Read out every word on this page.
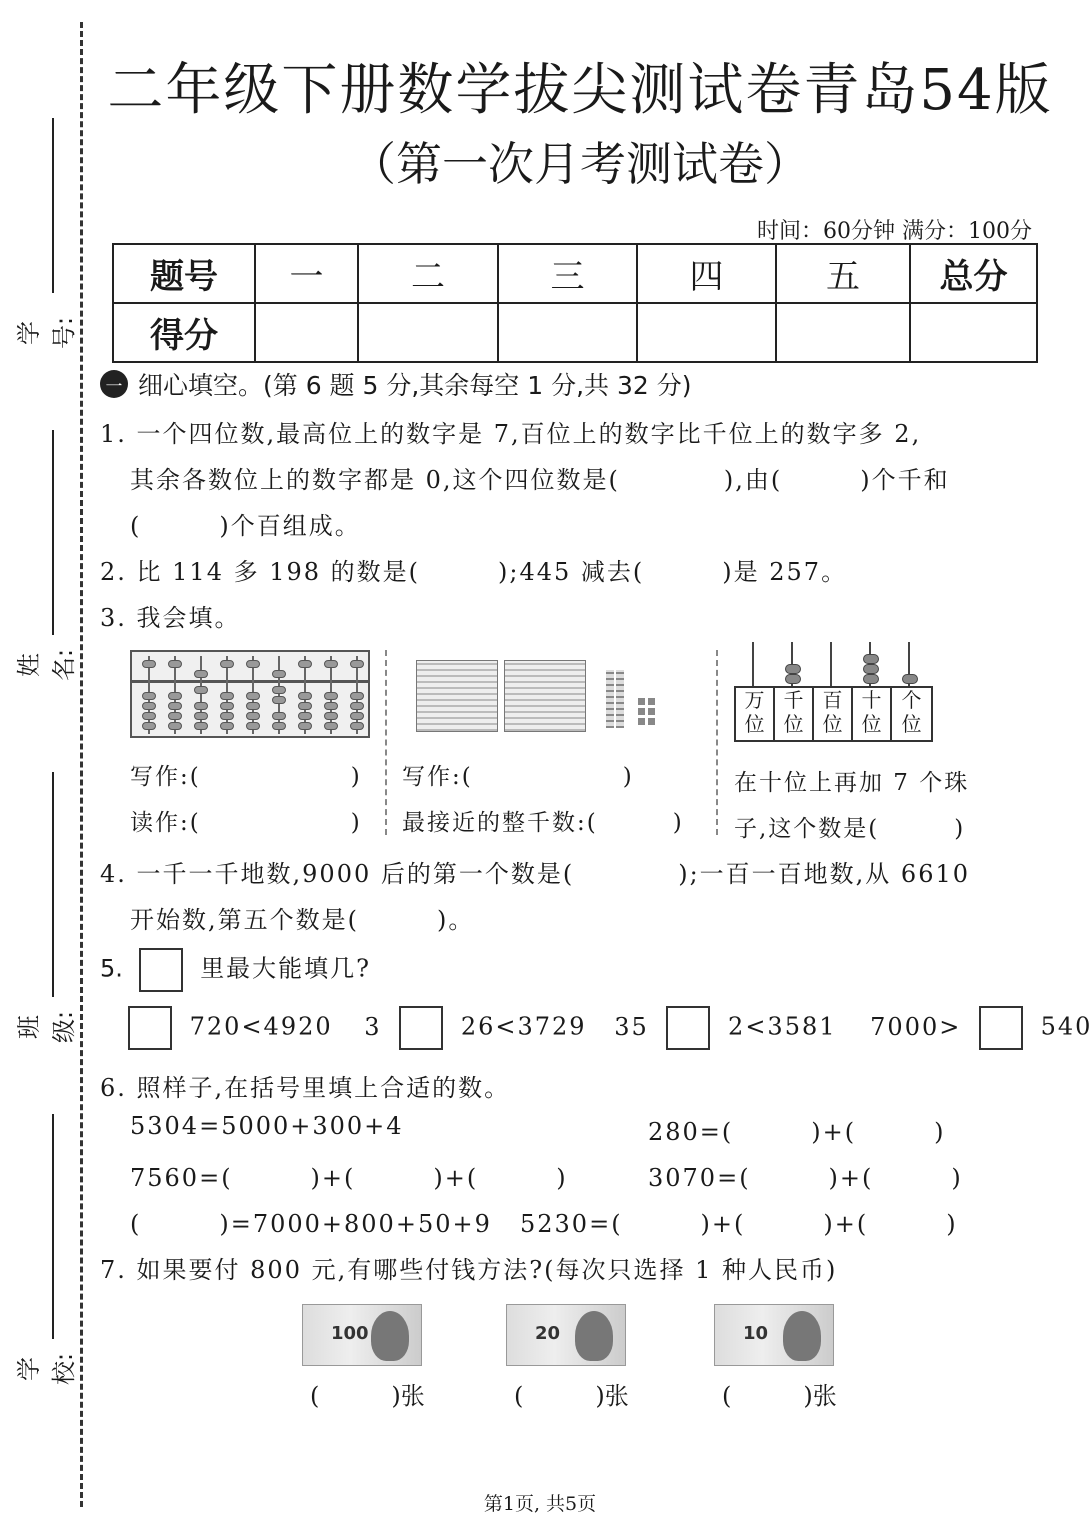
学号:
姓名:
班级:
学校:
二年级下册数学拔尖测试卷青岛54版
（第一次月考测试卷）
时间：60分钟 满分：100分
题号	一	二	三	四	五	总分
得分						
一 细心填空。(第 6 题 5 分,其余每空 1 分,共 32 分)
1. 一个四位数,最高位上的数字是 7,百位上的数字比千位上的数字多 2,
其余各数位上的数字都是 0,这个四位数是(　　　　),由(　　　)个千和
(　　　)个百组成。
2. 比 114 多 198 的数是(　　　);445 减去(　　　)是 257。
3. 我会填。
写作:(　　　　　　)
读作:(　　　　　　)
写作:(　　　　　　)
最接近的整千数:(　　　)
万位
千位
百位
十位
个位
在十位上再加 7 个珠
子,这个数是(　　　)
4. 一千一千地数,9000 后的第一个数是(　　　　);一百一百地数,从 6610
开始数,第五个数是(　　　)。
5.	里最大能填几?
720<4920 3	26<3729 35	2<3581 7000>	540
6. 照样子,在括号里填上合适的数。
5304=5000+300+4	280=(　　　)+(　　　)
7560=(　　　)+(　　　)+(　　　)	3070=(　　　)+(　　　)
(　　　)=7000+800+50+9 5230=(　　　)+(　　　)+(　　　)
7. 如果要付 800 元,有哪些付钱方法?(每次只选择 1 种人民币)
100	20	10
(　　　)张	(　　　)张	(　　　)张
第1页, 共5页
